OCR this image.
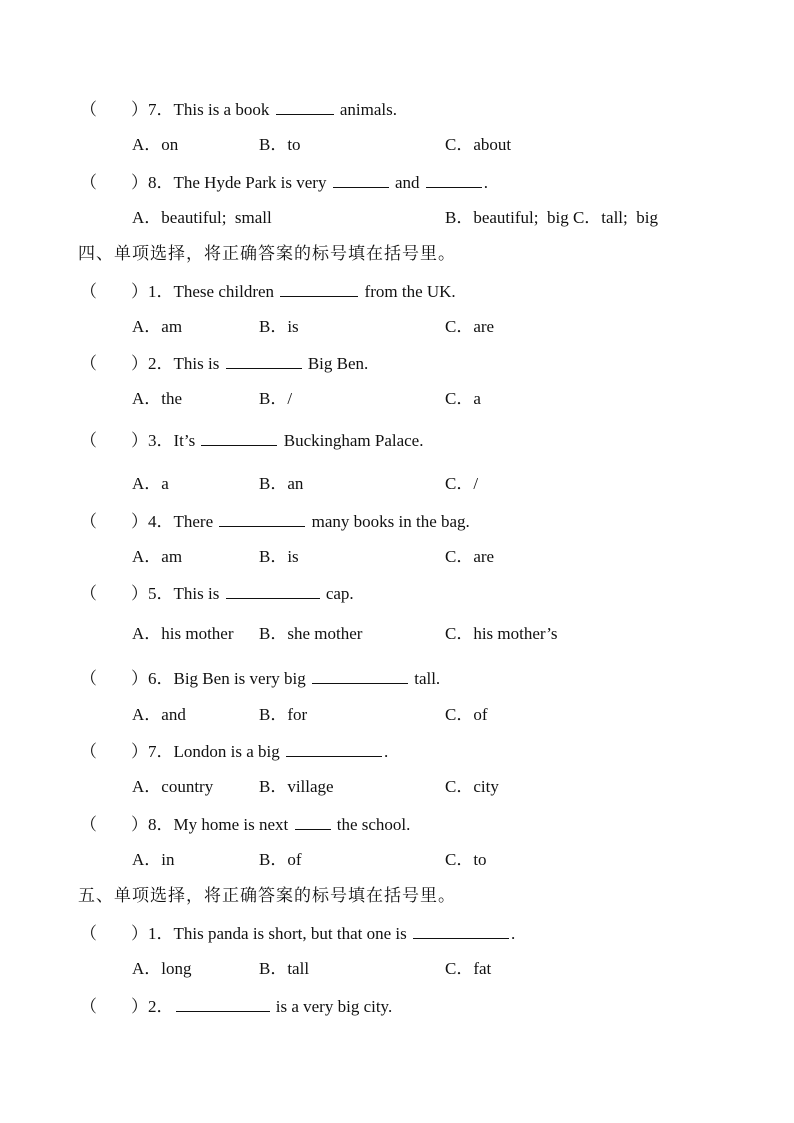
（　　）7．This is a book	animals.

A．on

	B．to

	C．about

（　　）8．The Hyde Park is very	and	.

A．beautiful;  small

	B．beautiful;  big C．tall;  big

四、单项选择，将正确答案的标号填在括号里。
（　　）1．These children	from the UK.

A．am

	B．is

	C．are

（　　）2．This is	Big Ben.

A．the

	B．/

	C．a

（　　）3．It’s	Buckingham Palace.

A．a

	B．an

	C．/

（　　）4．There	many books in the bag.

A．am

	B．is

	C．are

（　　）5．This is	cap.

A．his mother

B．she mother

	C．his mother’s

（　　）6．Big Ben is very big	tall.

A．and

	B．for

	C．of

（　　）7．London is a big	.

A．country

	B．village

	C．city

（　　）8．My home is next  the school.

A．in

	B．of

	C．to

五、单项选择，将正确答案的标号填在括号里。
（　　）1．This panda is short, but that one is	.

A．long

	B．tall

	C．fat

（　　）2．	is a very big city.
